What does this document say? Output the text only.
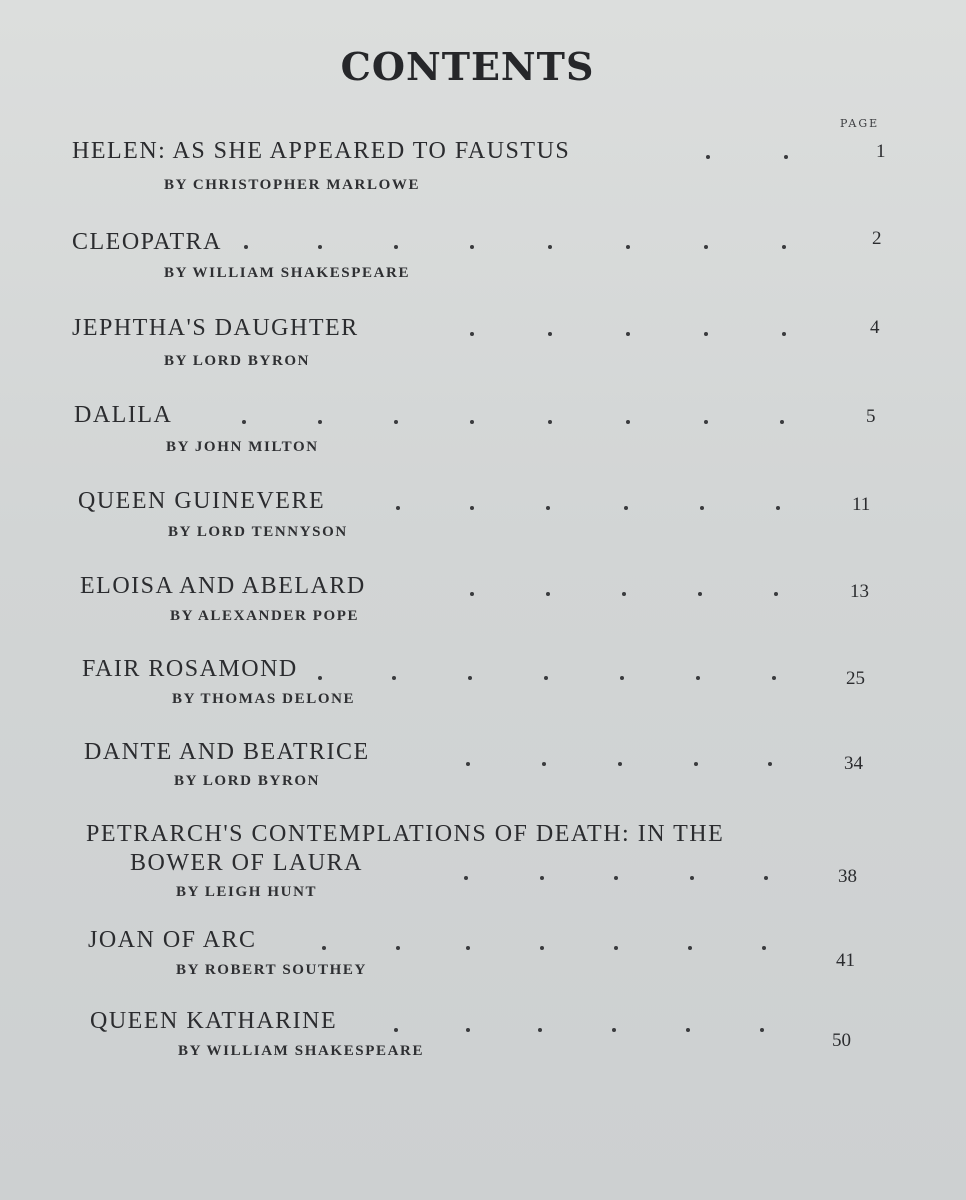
CONTENTS
PAGE
HELEN: AS SHE APPEARED TO FAUSTUS
BY CHRISTOPHER MARLOWE
1
CLEOPATRA
BY WILLIAM SHAKESPEARE
2
JEPHTHA'S DAUGHTER
BY LORD BYRON
4
DALILA
BY JOHN MILTON
5
QUEEN GUINEVERE
BY LORD TENNYSON
11
ELOISA AND ABELARD
BY ALEXANDER POPE
13
FAIR ROSAMOND
BY THOMAS DELONE
25
DANTE AND BEATRICE
BY LORD BYRON
34
PETRARCH'S CONTEMPLATIONS OF DEATH: IN THE
BOWER OF LAURA
BY LEIGH HUNT
38
JOAN OF ARC
BY ROBERT SOUTHEY	41
QUEEN KATHARINE
BY WILLIAM SHAKESPEARE	50
